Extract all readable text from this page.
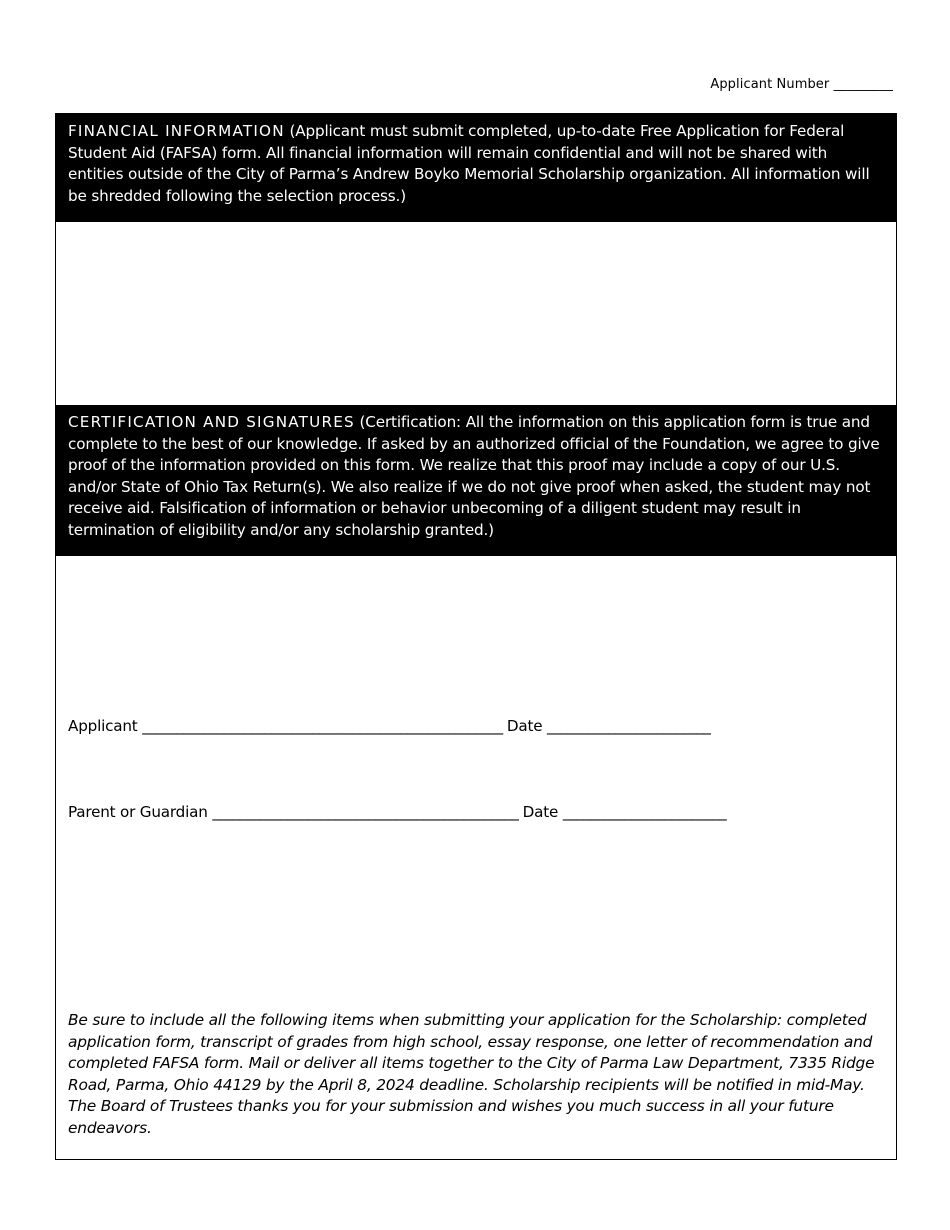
Applicant Number _________
FINANCIAL INFORMATION (Applicant must submit completed, up-to-date Free Application for Federal Student Aid (FAFSA) form. All financial information will remain confidential and will not be shared with entities outside of the City of Parma’s Andrew Boyko Memorial Scholarship organization. All information will be shredded following the selection process.)
CERTIFICATION AND SIGNATURES (Certification: All the information on this application form is true and complete to the best of our knowledge. If asked by an authorized official of the Foundation, we agree to give proof of the information provided on this form. We realize that this proof may include a copy of our U.S. and/or State of Ohio Tax Return(s). We also realize if we do not give proof when asked, the student may not receive aid. Falsification of information or behavior unbecoming of a diligent student may result in termination of eligibility and/or any scholarship granted.)
Applicant _____________________________________________________ Date ________________________
Parent or Guardian _____________________________________________ Date ________________________
Be sure to include all the following items when submitting your application for the Scholarship: completed application form, transcript of grades from high school, essay response, one letter of recommendation and completed FAFSA form. Mail or deliver all items together to the City of Parma Law Department, 7335 Ridge Road, Parma, Ohio 44129 by the April 8, 2024 deadline. Scholarship recipients will be notified in mid-May. The Board of Trustees thanks you for your submission and wishes you much success in all your future endeavors.
